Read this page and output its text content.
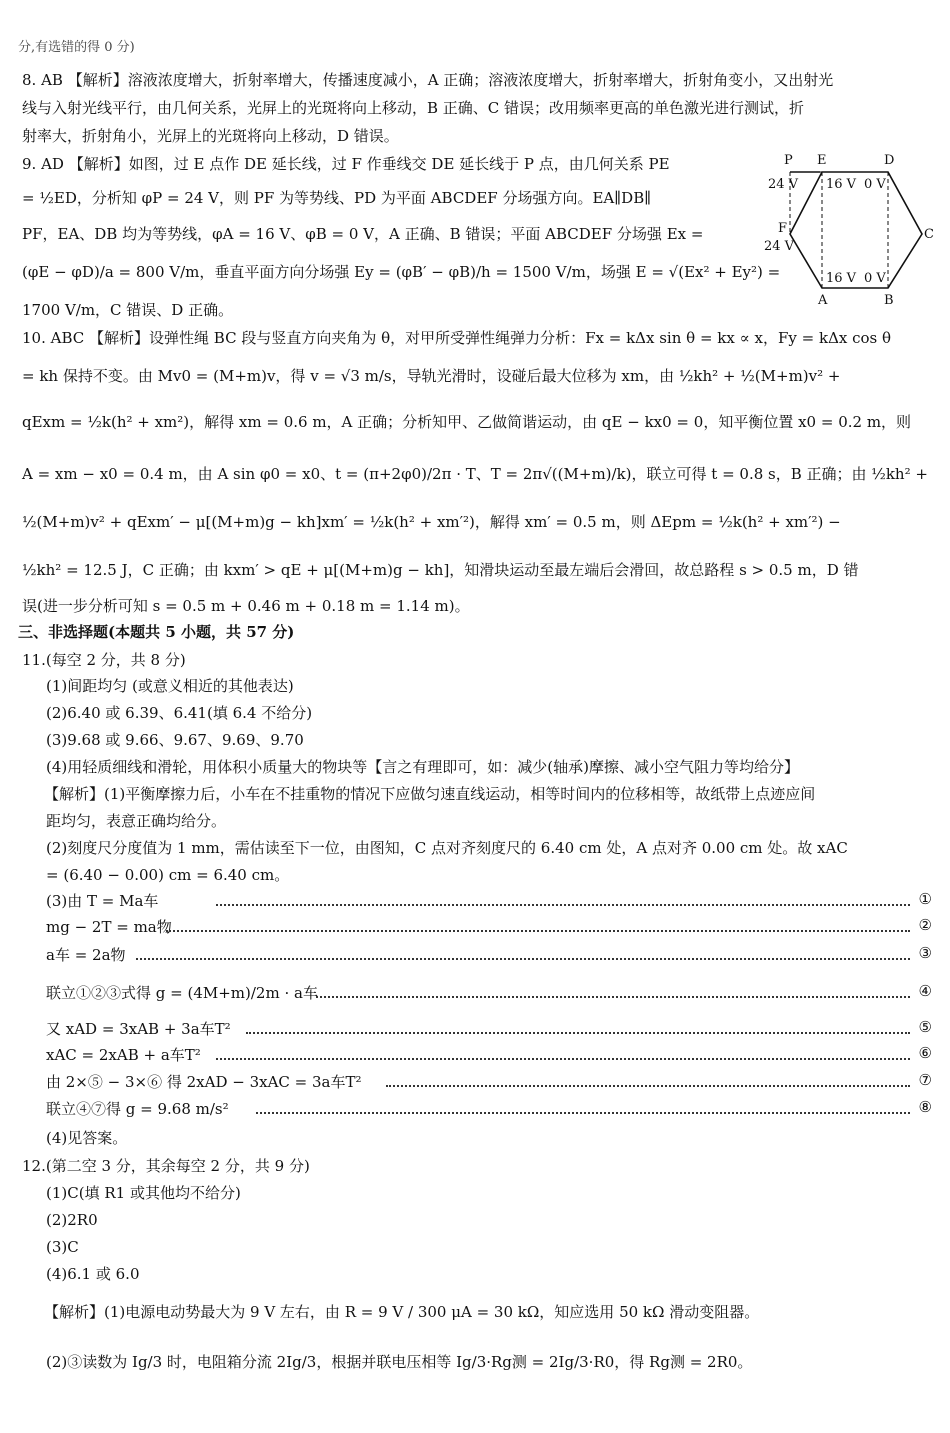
分,有选错的得 0 分)
8. AB 【解析】溶液浓度增大，折射率增大，传播速度减小，A 正确；溶液浓度增大，折射率增大，折射角变小，又出射光
线与入射光线平行，由几何关系，光屏上的光斑将向上移动，B 正确、C 错误；改用频率更高的单色激光进行测试，折
射率大，折射角小，光屏上的光斑将向上移动，D 错误。
9. AD 【解析】如图，过 E 点作 DE 延长线，过 F 作垂线交 DE 延长线于 P 点，由几何关系 PE
= ½ED，分析知 φP = 24 V，则 PF 为等势线、PD 为平面 ABCDEF 分场强方向。EA∥DB∥
PF，EA、DB 均为等势线，φA = 16 V、φB = 0 V，A 正确、B 错误；平面 ABCDEF 分场强 Ex =
(φE − φD)/a = 800 V/m，垂直平面方向分场强 Ey = (φB′ − φB)/h = 1500 V/m，场强 E = √(Ex² + Ey²) =
1700 V/m，C 错误、D 正确。
P E	D
F	C
A	B
24 V 16 V 0 V
24 V
16 V 0 V
10. ABC 【解析】设弹性绳 BC 段与竖直方向夹角为 θ，对甲所受弹性绳弹力分析：Fx = kΔx sin θ = kx ∝ x，Fy = kΔx cos θ
= kh 保持不变。由 Mv0 = (M+m)v，得 v = √3 m/s，导轨光滑时，设碰后最大位移为 xm，由 ½kh² + ½(M+m)v² +
qExm = ½k(h² + xm²)，解得 xm = 0.6 m，A 正确；分析知甲、乙做简谐运动，由 qE − kx0 = 0，知平衡位置 x0 = 0.2 m，则
A = xm − x0 = 0.4 m，由 A sin φ0 = x0、t = (π+2φ0)/2π · T、T = 2π√((M+m)/k)，联立可得 t = 0.8 s，B 正确；由 ½kh² +
½(M+m)v² + qExm′ − μ[(M+m)g − kh]xm′ = ½k(h² + xm′²)，解得 xm′ = 0.5 m，则 ΔEpm = ½k(h² + xm′²) −
½kh² = 12.5 J，C 正确；由 kxm′ > qE + μ[(M+m)g − kh]，知滑块运动至最左端后会滑回，故总路程 s > 0.5 m，D 错
误(进一步分析可知 s = 0.5 m + 0.46 m + 0.18 m = 1.14 m)。
三、非选择题(本题共 5 小题，共 57 分)
11.(每空 2 分，共 8 分)
(1)间距均匀 (或意义相近的其他表达)
(2)6.40 或 6.39、6.41(填 6.4 不给分)
(3)9.68 或 9.66、9.67、9.69、9.70
(4)用轻质细线和滑轮，用体积小质量大的物块等【言之有理即可，如：减少(轴承)摩擦、减小空气阻力等均给分】
【解析】(1)平衡摩擦力后，小车在不挂重物的情况下应做匀速直线运动，相等时间内的位移相等，故纸带上点迹应间
距均匀，表意正确均给分。
(2)刻度尺分度值为 1 mm，需估读至下一位，由图知，C 点对齐刻度尺的 6.40 cm 处，A 点对齐 0.00 cm 处。故 xAC
= (6.40 − 0.00) cm = 6.40 cm。
(3)由 T = Ma车	①
mg − 2T = ma物	②
a车 = 2a物	③
联立①②③式得 g = (4M+m)/2m · a车	④
又 xAD = 3xAB + 3a车T²	⑤
xAC = 2xAB + a车T²	⑥
由 2×⑤ − 3×⑥ 得 2xAD − 3xAC = 3a车T²	⑦
联立④⑦得 g = 9.68 m/s²	⑧
(4)见答案。
12.(第二空 3 分，其余每空 2 分，共 9 分)
(1)C(填 R1 或其他均不给分)
(2)2R0
(3)C
(4)6.1 或 6.0
【解析】(1)电源电动势最大为 9 V 左右，由 R = 9 V / 300 μA = 30 kΩ，知应选用 50 kΩ 滑动变阻器。
(2)③读数为 Ig/3 时，电阻箱分流 2Ig/3，根据并联电压相等 Ig/3·Rg测 = 2Ig/3·R0，得 Rg测 = 2R0。
